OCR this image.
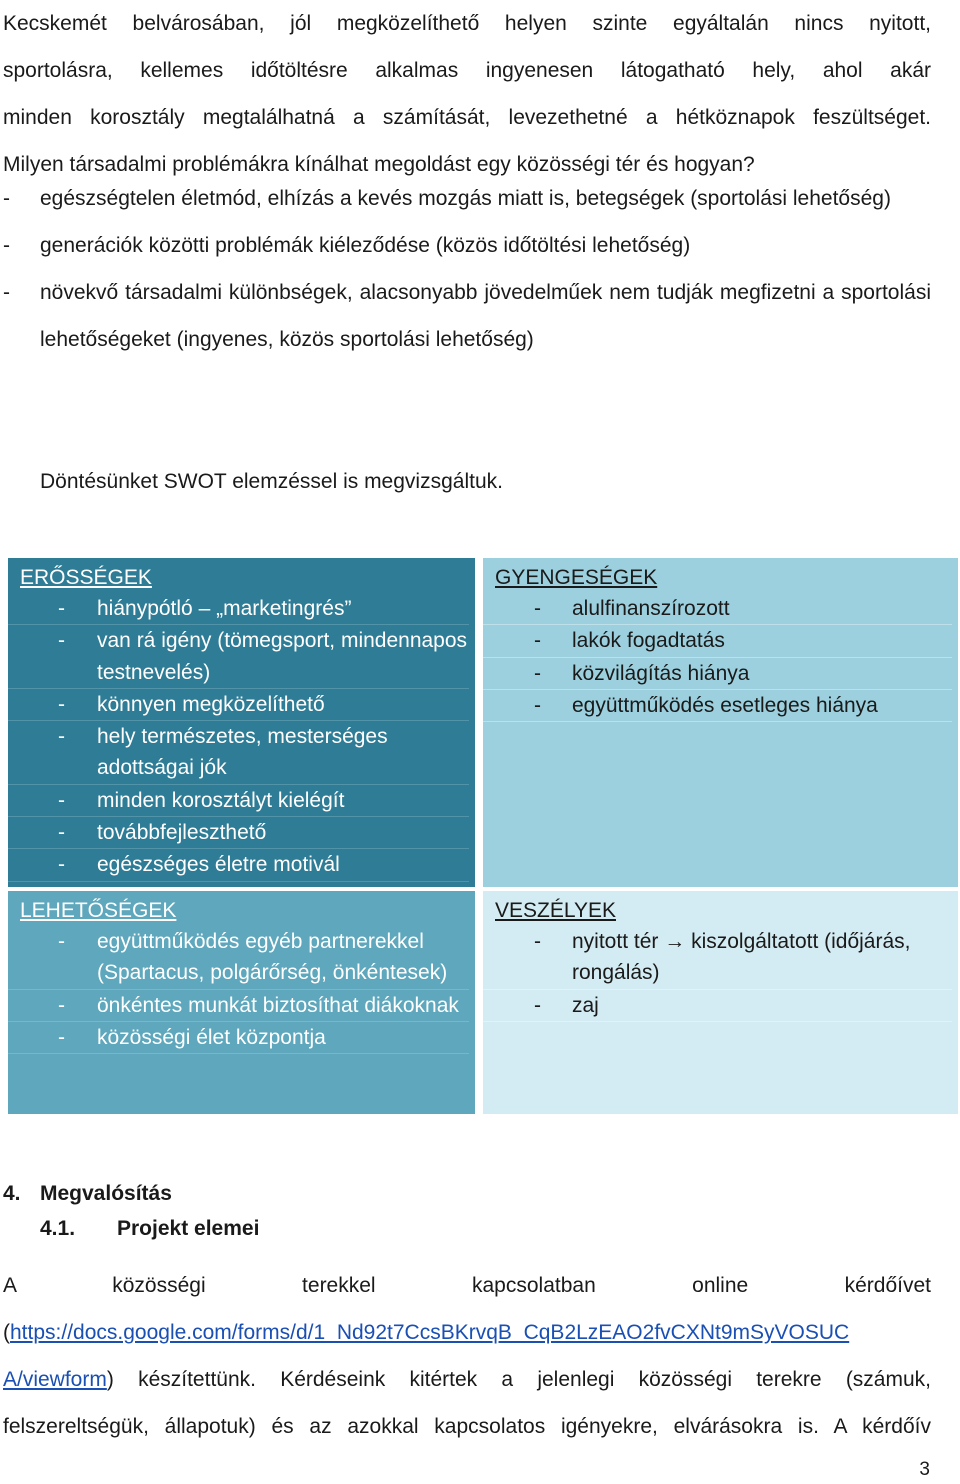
Kecskemét belvárosában, jól megközelíthető helyen szinte egyáltalán nincs nyitott,
sportolásra, kellemes időtöltésre alkalmas ingyenesen látogatható hely, ahol akár
minden korosztály megtalálhatná a számítását, levezethetné a hétköznapok feszültséget.
Milyen társadalmi problémákra kínálhat megoldást egy közösségi tér és hogyan?
- egészségtelen életmód, elhízás a kevés mozgás miatt is, betegségek (sportolási lehetőség)
- generációk közötti problémák kiéleződése (közös időtöltési lehetőség)
- növekvő társadalmi különbségek, alacsonyabb jövedelműek nem tudják megfizetni a sportolási lehetőségeket (ingyenes, közös sportolási lehetőség)
Döntésünket SWOT elemzéssel is megvizsgáltuk.
ERŐSSÉGEK
- hiánypótló – „marketingrés”
- van rá igény (tömegsport, mindennapos testnevelés)
- könnyen megközelíthető
- hely természetes, mesterséges adottságai jók
- minden korosztályt kielégít
- továbbfejleszthető
- egészséges életre motivál
GYENGESÉGEK
- alulfinanszírozott
- lakók fogadtatás
- közvilágítás hiánya
- együttműködés esetleges hiánya
LEHETŐSÉGEK
- együttműködés egyéb partnerekkel (Spartacus, polgárőrség, önkéntesek)
- önkéntes munkát biztosíthat diákoknak
- közösségi élet központja
VESZÉLYEK
- nyitott tér → kiszolgáltatott (időjárás, rongálás)
- zaj
4. Megvalósítás
4.1. Projekt elemei
A közösségi terekkel kapcsolatban online kérdőívet
(https://docs.google.com/forms/d/1_Nd92t7CcsBKrvqB_CqB2LzEAO2fvCXNt9mSyVOSUC
A/viewform) készítettünk. Kérdéseink kitértek a jelenlegi közösségi terekre (számuk,
felszereltségük, állapotuk) és az azokkal kapcsolatos igényekre, elvárásokra is. A kérdőív
3
